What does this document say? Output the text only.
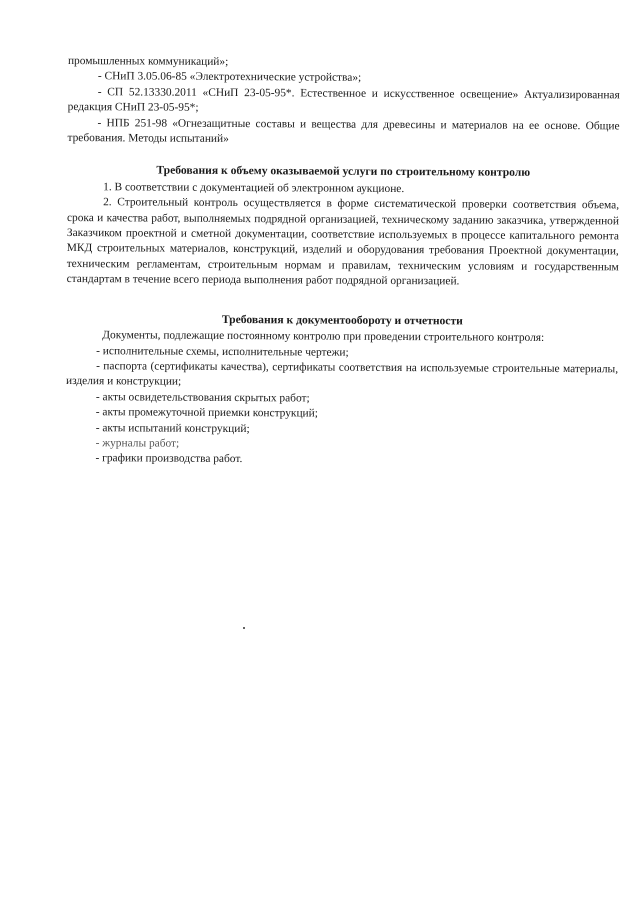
промышленных коммуникаций»;

- СНиП 3.05.06-85 «Электротехнические устройства»;

- СП 52.13330.2011 «СНиП 23-05-95*. Естественное и искусственное освещение» Актуализированная редакция СНиП 23-05-95*;

- НПБ 251-98 «Огнезащитные составы и вещества для древесины и материалов на ее основе. Общие требования. Методы испытаний»

Требования к объему оказываемой услуги по строительному контролю

1. В соответствии с документацией об электронном аукционе.

2. Строительный контроль осуществляется в форме систематической проверки соответствия объема, срока и качества работ, выполняемых подрядной организацией, техническому заданию заказчика, утвержденной Заказчиком проектной и сметной документации, соответствие используемых в процессе капитального ремонта МКД строительных материалов, конструкций, изделий и оборудования требования Проектной документации, техническим регламентам, строительным нормам и правилам, техническим условиям и государственным стандартам в течение всего периода выполнения работ подрядной организацией.

Требования к документообороту и отчетности

Документы, подлежащие постоянному контролю при проведении строительного контроля:

- исполнительные схемы, исполнительные чертежи;

- паспорта (сертификаты качества), сертификаты соответствия на используемые строительные материалы, изделия и конструкции;

- акты освидетельствования скрытых работ;

- акты промежуточной приемки конструкций;

- акты испытаний конструкций;

- журналы работ;

- графики производства работ.
